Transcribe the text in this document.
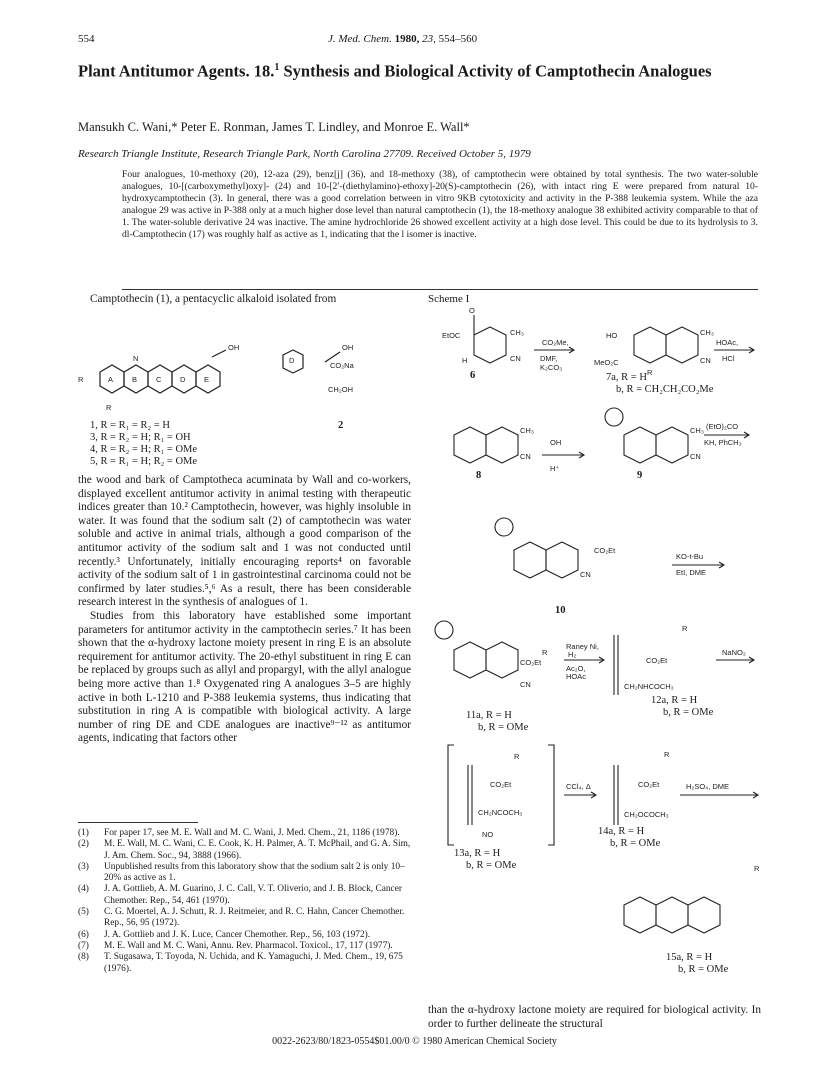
554	J. Med. Chem. 1980, 23, 554–560
Plant Antitumor Agents. 18.$^1$ Synthesis and Biological Activity of Camptothecin Analogues
Mansukh C. Wani,* Peter E. Ronman, James T. Lindley, and Monroe E. Wall*
Research Triangle Institute, Research Triangle Park, North Carolina 27709. Received October 5, 1979
Four analogues, 10-methoxy (20), 12-aza (29), benz[j] (36), and 18-methoxy (38), of camptothecin were obtained by total synthesis. The two water-soluble analogues, 10-[(carboxymethyl)oxy]- (24) and 10-[2′-(diethylamino)-ethoxy]-20(S)-camptothecin (26), with intact ring E were prepared from natural 10-hydroxycamptothecin (3). In general, there was a good correlation between in vitro 9KB cytotoxicity and activity in the P-388 leukemia system. While the aza analogue 29 was active in P-388 only at a much higher dose level than natural camptothecin (1), the 18-methoxy analogue 38 exhibited activity comparable to that of 1. The water-soluble derivative 24 was inactive. The amine hydrochloride 26 showed excellent activity at a high dose level. This could be due to its hydrolysis to 3. dl-Camptothecin (17) was roughly half as active as 1, indicating that the l isomer is inactive.

Camptothecin (1), a pentacyclic alkaloid isolated from

A	B	C D E
N
R
R
OH
D
OH
CO₂Na
CH₂OH
1, R = R₁ = R₂ = H
3, R = R₂ = H; R₁ = OH
4, R = R₂ = H; R₁ = OMe
5, R = R₁ = H; R₂ = OMe
2

the wood and bark of Camptotheca acuminata by Wall and co-workers, displayed excellent antitumor activity in animal testing with therapeutic indices greater than 10.² Camptothecin, however, was highly insoluble in water. It was found that the sodium salt (2) of camptothecin was water soluble and active in animal trials, although a good comparison of the antitumor activity of the sodium salt and 1 was not conducted until recently.³ Unfortunately, initially encouraging reports⁴ on favorable activity of the sodium salt of 1 in gastrointestinal carcinoma could not be confirmed by later studies.⁵,⁶ As a result, there has been considerable research interest in the synthesis of analogues of 1.

Studies from this laboratory have established some important parameters for antitumor activity in the camptothecin series.⁷ It has been shown that the α-hydroxy lactone moiety present in ring E is an absolute requirement for antitumor activity. The 20-ethyl substituent in ring E can be replaced by groups such as allyl and propargyl, with the allyl analogue being more active than 1.⁸ Oxygenated ring A analogues 3–5 are highly active in both L-1210 and P-388 leukemia systems, thus indicating that substitution in ring A is compatible with biological activity. A large number of ring DE and CDE analogues are inactive⁹⁻¹² as antitumor agents, indicating that factors other

(1)	For paper 17, see M. E. Wall and M. C. Wani, J. Med. Chem., 21, 1186 (1978).
(2)	M. E. Wall, M. C. Wani, C. E. Cook, K. H. Palmer, A. T. McPhail, and G. A. Sim, J. Am. Chem. Soc., 94, 3888 (1966).
(3)	Unpublished results from this laboratory show that the sodium salt 2 is only 10–20% as active as 1.
(4)	J. A. Gottlieb, A. M. Guarino, J. C. Call, V. T. Oliverio, and J. B. Block, Cancer Chemother. Rep., 54, 461 (1970).
(5)	C. G. Moertel, A. J. Schutt, R. J. Reitmeier, and R. C. Hahn, Cancer Chemother. Rep., 56, 95 (1972).
(6)	J. A. Gottlieb and J. K. Luce, Cancer Chemother. Rep., 56, 103 (1972).
(7)	M. E. Wall and M. C. Wani, Annu. Rev. Pharmacol. Toxicol., 17, 117 (1977).
(8)	T. Sugasawa, T. Toyoda, N. Uchida, and K. Yamaguchi, J. Med. Chem., 19, 675 (1976).
Scheme I
EtOC
O
CH₃
CN
H
CO₂Me,
DMF,
K₂CO₃
HO
MeO₂C
CH₃
CN
R
HOAc,
HCl
CH₃
CN
OH
H⁺
CH₃
CN
(EtO)₂CO
KH, PhCH₃
CO₂Et
CN
KO-t-Bu
EtI, DME
R
CO₂Et
CN
Raney Ni,
H₂
Ac₂O,
HOAc
R
CO₂Et
CH₂NHCOCH₃
NaNO₂
R
CO₂Et
CH₂NCOCH₃
NO
CCl₄, Δ
R
CO₂Et
CH₂OCOCH₃
H₂SO₄, DME
R
6	7a, R = H
b, R = CH₂CH₂CO₂Me
8	9
10
11a, R = H
b, R = OMe
12a, R = H
b, R = OMe
13a, R = H
b, R = OMe
14a, R = H
b, R = OMe
15a, R = H
b, R = OMe
than the α-hydroxy lactone moiety are required for biological activity. In order to further delineate the structural
0022-2623/80/1823-0554$01.00/0 © 1980 American Chemical Society
